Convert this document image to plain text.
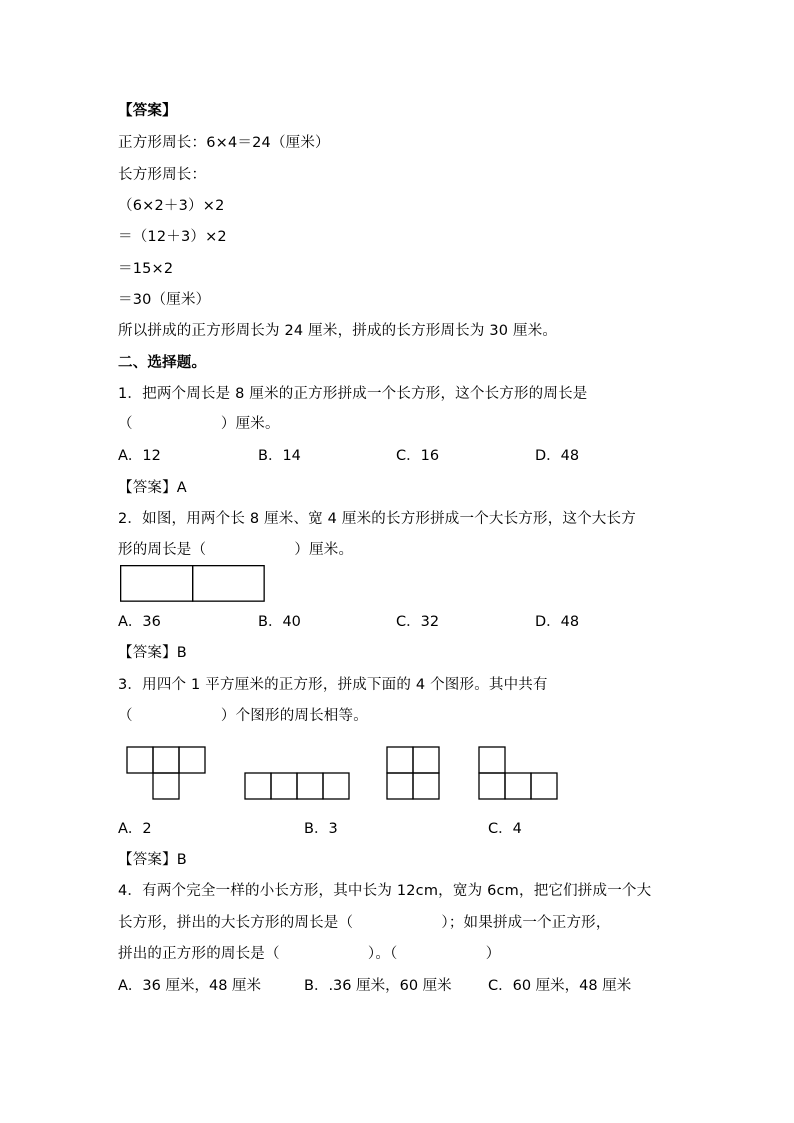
【答案】
正方形周长：6×4＝24（厘米）
长方形周长：
（6×2＋3）×2
＝（12＋3）×2
＝15×2
＝30（厘米）
所以拼成的正方形周长为 24 厘米，拼成的长方形周长为 30 厘米。
二、选择题。
1．把两个周长是 8 厘米的正方形拼成一个长方形，这个长方形的周长是
（　　　　　　）厘米。
A．12	B．14	C．16	D．48
【答案】A
2．如图，用两个长 8 厘米、宽 4 厘米的长方形拼成一个大长方形，这个大长方
形的周长是（　　　　　　）厘米。
A．36	B．40	C．32	D．48
【答案】B
3．用四个 1 平方厘米的正方形，拼成下面的 4 个图形。其中共有
（　　　　　　）个图形的周长相等。
A．2	B．3	C．4
【答案】B
4．有两个完全一样的小长方形，其中长为 12cm，宽为 6cm，把它们拼成一个大
长方形，拼出的大长方形的周长是（　　　　　　）；如果拼成一个正方形，
拼出的正方形的周长是（　　　　　　）。（　　　　　　）
A．36 厘米，48 厘米	B．.36 厘米，60 厘米	C．60 厘米，48 厘米
